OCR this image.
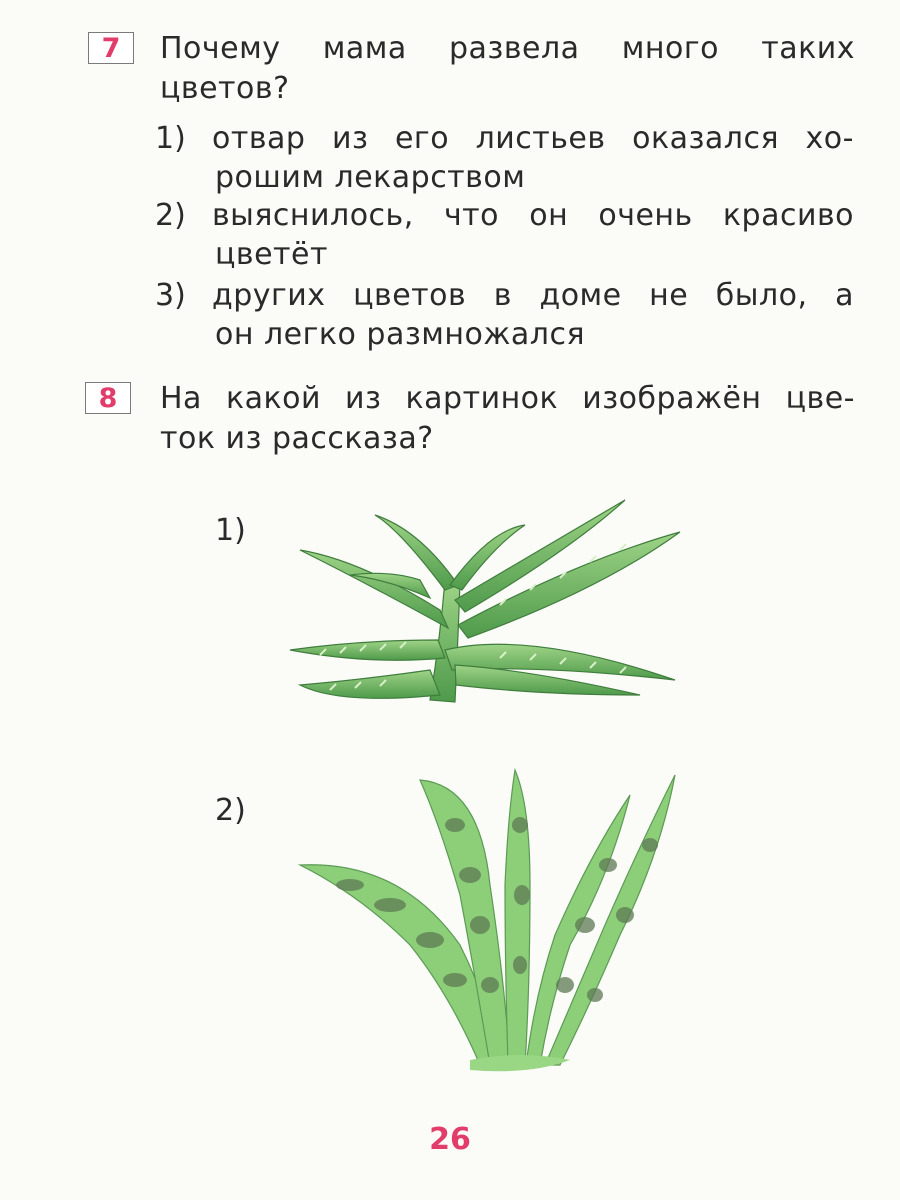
7 Почему мама развела много таких
цветов?
1) отвар из его листьев оказался хо-
рошим лекарством
2) выяснилось, что он очень красиво
цветёт
3) других цветов в доме не было, а
он легко размножался
8 На какой из картинок изображён цве-
ток из рассказа?
1)
2)
26
